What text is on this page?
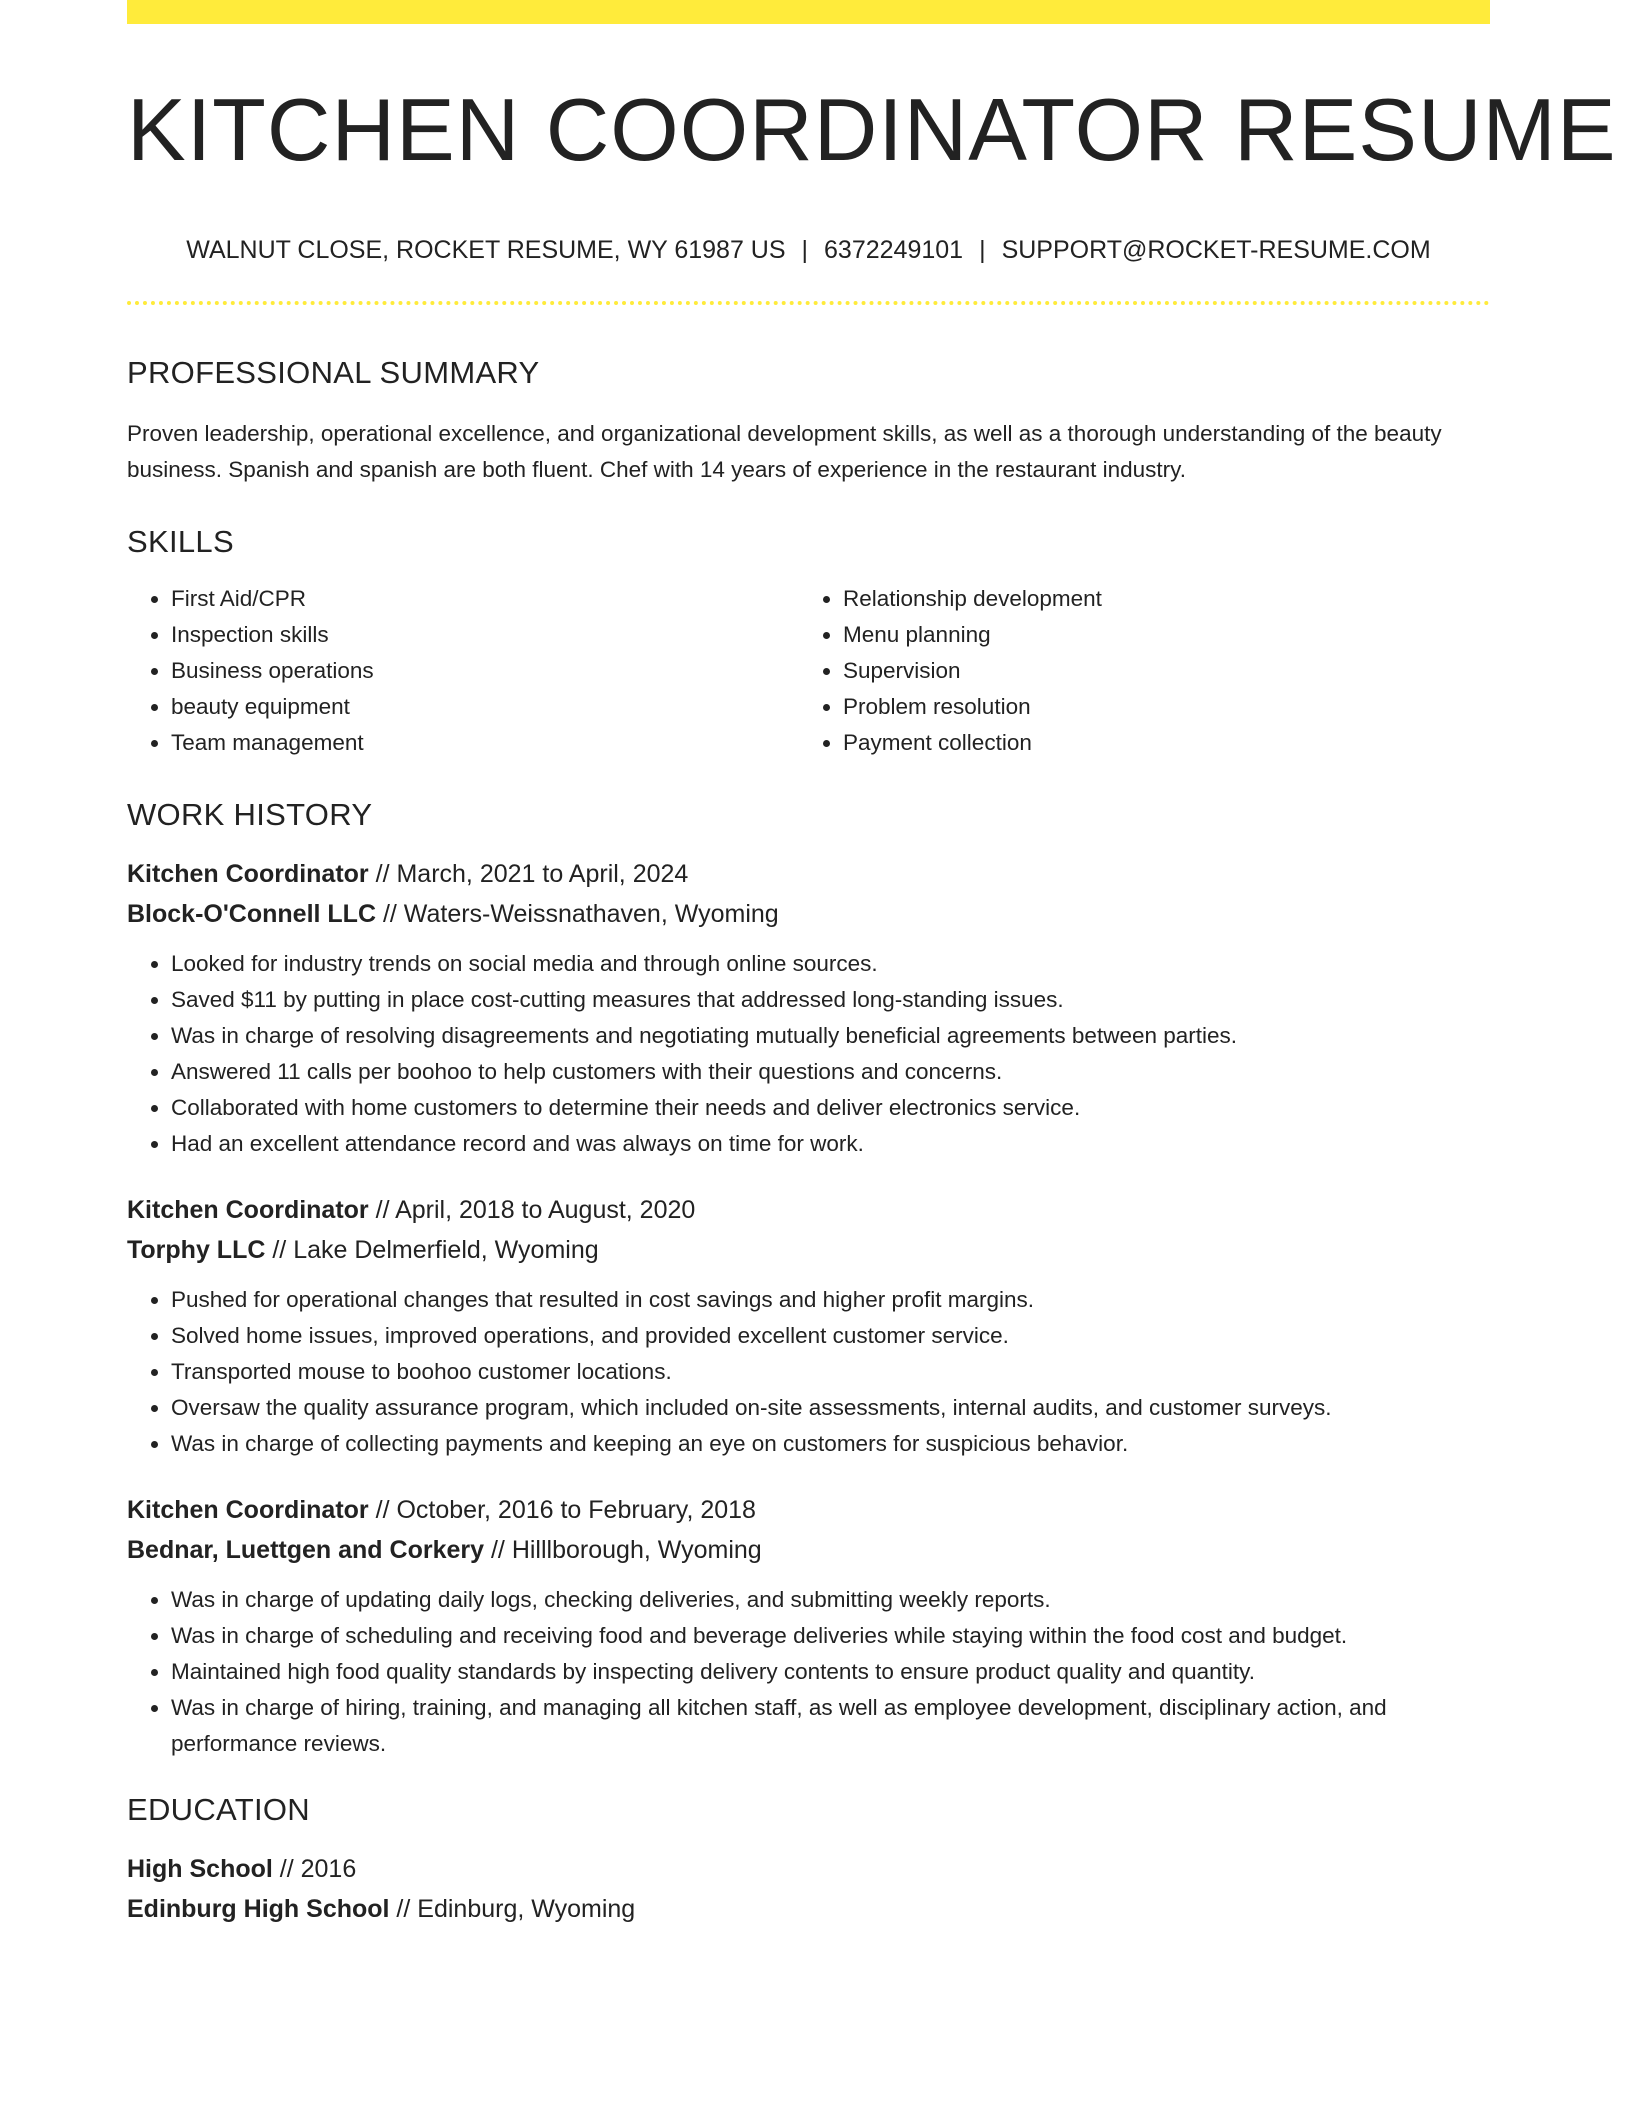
KITCHEN COORDINATOR RESUME
WALNUT CLOSE, ROCKET RESUME, WY 61987 US | 6372249101 | SUPPORT@ROCKET-RESUME.COM
PROFESSIONAL SUMMARY

Proven leadership, operational excellence, and organizational development skills, as well as a thorough understanding of the beauty business. Spanish and spanish are both fluent. Chef with 14 years of experience in the restaurant industry.

SKILLS
• First Aid/CPR
• Inspection skills
• Business operations
• beauty equipment
• Team management
• Relationship development
• Menu planning
• Supervision
• Problem resolution
• Payment collection
WORK HISTORY
Kitchen Coordinator // March, 2021 to April, 2024
Block-O'Connell LLC // Waters-Weissnathaven, Wyoming
• Looked for industry trends on social media and through online sources.
• Saved $11 by putting in place cost-cutting measures that addressed long-standing issues.
• Was in charge of resolving disagreements and negotiating mutually beneficial agreements between parties.
• Answered 11 calls per boohoo to help customers with their questions and concerns.
• Collaborated with home customers to determine their needs and deliver electronics service.
• Had an excellent attendance record and was always on time for work.
Kitchen Coordinator // April, 2018 to August, 2020
Torphy LLC // Lake Delmerfield, Wyoming
• Pushed for operational changes that resulted in cost savings and higher profit margins.
• Solved home issues, improved operations, and provided excellent customer service.
• Transported mouse to boohoo customer locations.
• Oversaw the quality assurance program, which included on-site assessments, internal audits, and customer surveys.
• Was in charge of collecting payments and keeping an eye on customers for suspicious behavior.
Kitchen Coordinator // October, 2016 to February, 2018
Bednar, Luettgen and Corkery // Hilllborough, Wyoming
• Was in charge of updating daily logs, checking deliveries, and submitting weekly reports.
• Was in charge of scheduling and receiving food and beverage deliveries while staying within the food cost and budget.
• Maintained high food quality standards by inspecting delivery contents to ensure product quality and quantity.
• Was in charge of hiring, training, and managing all kitchen staff, as well as employee development, disciplinary action, and performance reviews.
EDUCATION
High School // 2016
Edinburg High School // Edinburg, Wyoming
